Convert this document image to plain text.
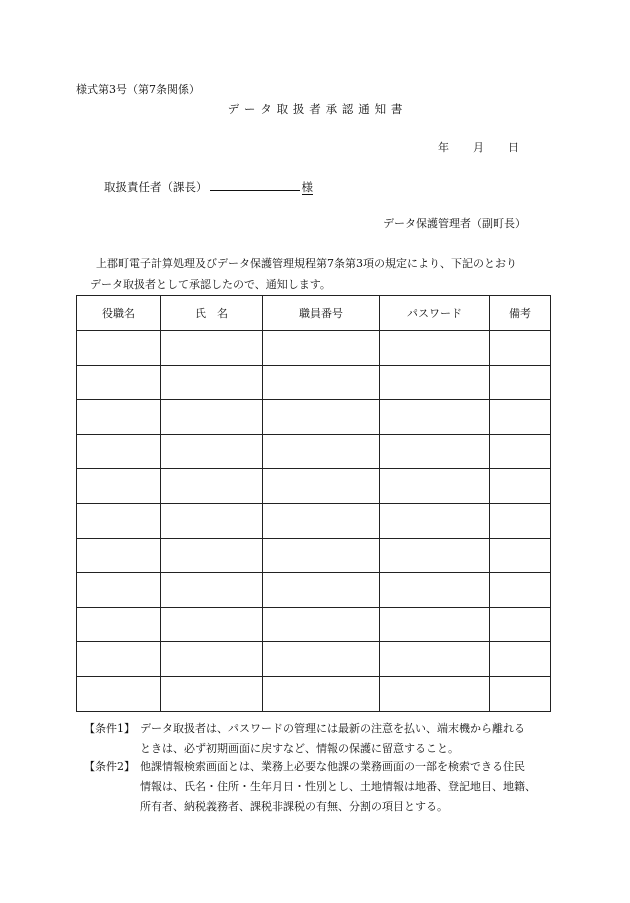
様式第3号（第7条関係）
データ取扱者承認通知書
年 月 日
取扱責任者（課長）	様
データ保護管理者（副町長）
上郡町電子計算処理及びデータ保護管理規程第7条第3項の規定により、下記のとおり
データ取扱者として承認したので、通知します。
役職名	氏　名	職員番号	パスワード	備考

【条件1】 データ取扱者は、パスワードの管理には最新の注意を払い、端末機から離れる
ときは、必ず初期画面に戻すなど、情報の保護に留意すること。
【条件2】 他課情報検索画面とは、業務上必要な他課の業務画面の一部を検索できる住民
情報は、氏名・住所・生年月日・性別とし、土地情報は地番、登記地目、地籍、
所有者、納税義務者、課税非課税の有無、分割の項目とする。
